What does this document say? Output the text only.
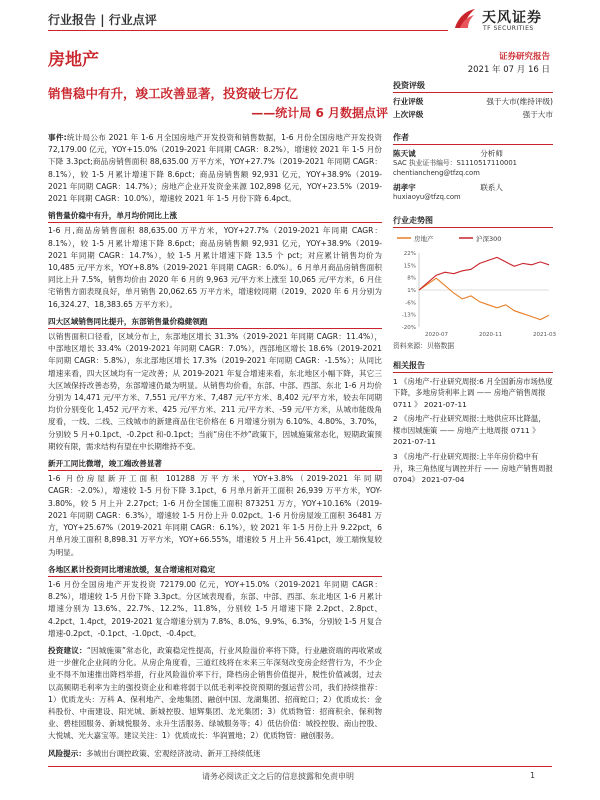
行业报告 | 行业点评	天风证券
TF SECURITIES
房地产	证券研究报告
2021 年 07 月 16 日
销售稳中有升，竣工改善显著，投资破七万亿
——统计局 6 月数据点评
事件:统计局公布 2021 年 1-6 月全国房地产开发投资和销售数据，1-6 月份全国房地产开发投资 72,179.00 亿元，YOY+15.0%（2019-2021 年同期 CAGR：8.2%），增速较 2021 年 1-5 月份下降 3.3pct;商品房销售面积 88,635.00 万平方米，YOY+27.7%（2019-2021 年同期 CAGR：8.1%），较 1-5 月累计增速下降 8.6pct；商品房销售额 92,931 亿元，YOY+38.9%（2019-2021 年同期 CAGR：14.7%）；房地产企业开发资金来源 102,898 亿元，YOY+23.5%（2019-2021 年同期 CAGR：10.0%），增速较 2021 年 1-5 月份下降 6.4pct。
销售量价稳中有升，单月均价同比上涨
1-6 月,商品房销售面积 88,635.00 万平方米，YOY+27.7%（2019-2021 年同期 CAGR：8.1%），较 1-5 月累计增速下降 8.6pct；商品房销售额 92,931 亿元，YOY+38.9%（2019-2021 年同期 CAGR：14.7%），较 1-5 月累计增速下降 13.5 个 pct；对应累计销售均价为 10,485 元/平方米，YOY+8.8%（2019-2021 年同期 CAGR：6.0%）。6 月单月商品房销售面积同比上升 7.5%，销售均价由 2020 年 6 月的 9,963 元/平方米上涨至 10,065 元/平方米，6 月住宅销售方面表现良好，单月销售 20,062.65 万平方米，增速较同期（2019、2020 年 6 月分别为 16,324.27、18,383.65 万平方米）。
四大区域销售同比提升，东部销售量价稳健领跑
以销售面积口径看，区域分布上，东部地区增长 31.3%（2019-2021 年同期 CAGR：11.4%），中部地区增长 33.4%（2019-2021 年同期 CAGR：7.0%），西部地区增长 18.6%（2019-2021 年同期 CAGR：5.8%），东北部地区增长 17.3%（2019-2021 年同期 CAGR：-1.5%）；从同比增速来看，四大区域均有一定改善；从 2019-2021 年复合增速来看，东北地区小幅下降，其它三大区域保持改善态势，东部增速仍最为明显。从销售均价看，东部、中部、西部、东北 1-6 月均价分别为 14,471 元/平方米、7,551 元/平方米、7,487 元/平方米、8,402 元/平方米，较去年同期均价分别变化 1,452 元/平方米、425 元/平方米、211 元/平方米、-59 元/平方米，从城市能级角度看，一线、二线、三线城市的新建商品住宅价格在 6 月增速分别为 6.10%、4.80%、3.70%，分别较 5 月+0.1pct、-0.2pct 和-0.1pct；当前“房住不炒”政策下，因城施策常态化，短期政策预期较有限，需求结构有望在中长期维持不变。
新开工同比微增，竣工端改善显著
1-6 月份房屋新开工面积 101288 万平方米，YOY+3.8%（2019-2021 年同期 CAGR：-2.0%），增速较 1-5 月份下降 3.1pct，6 月单月新开工面积 26,939 万平方米，YOY-3.80%，较 5 月上升 2.27pct；1-6 月份全国施工面积 873251 万方，YOY+10.16%（2019-2021 年同期 CAGR：6.3%），增速较 1-5 月份上升 0.02pct。1-6 月份房屋竣工面积 36481 万方，YOY+25.67%（2019-2021 年同期 CAGR：6.1%），较 2021 年 1-5 月份上升 9.22pct，6 月单月竣工面积 8,898.31 万平方米，YOY+66.55%，增速较 5 月上升 56.41pct，竣工端恢复较为明显。
各地区累计投资同比增速放缓，复合增速相对稳定
1-6 月份全国房地产开发投资 72179.00 亿元，YOY+15.0%（2019-2021 年同期 CAGR：8.2%），增速较 1-5 月份下降 3.3pct。分区域表现看，东部、中部、西部、东北地区 1-6 月累计增速分别为 13.6%、22.7%、12.2%、11.8%，分别较 1-5 月增速下降 2.2pct、2.8pct、4.2pct、1.4pct，2019-2021 复合增速分别为 7.8%、8.0%、9.9%、6.3%，分别较 1-5 月复合增速-0.2pct、-0.1pct、-1.0pct、-0.4pct。
投资建议：“因城施策”常态化，政策稳定性提高，行业风险溢价率将下降，行业融资端的再收紧或进一步催化企业间的分化。从房企角度看，三道红线将在未来三年深刻改变房企经营行为，不少企业不得不加速推出降档举措，行业风险溢价率下行，降档房企销售价值提升，脱性价值减弱，过去以高频期毛利率为主的强投资企业和难将弱于以低毛利率投资预期的强运营公司，我们持续推荐：1）优质龙头：万科 A、保利地产、金地集团、融创中国、龙湖集团、招商蛇口；2）优质成长：金科股份、中南建设、阳光城、新城控股、旭辉集团、龙光集团；3）优质物管：招商积余、保利物业、碧桂园服务、新城悦服务、永升生活服务、绿城服务等；4）低估价值：城投控股、南山控股、大悦城、光大嘉宝等。建议关注：1）优质成长：华润置地；2）优质物管：融创服务。
风险提示：多城出台调控政策、宏观经济波动、新开工持续低迷
投资评级
行业评级	强于大市(维持评级)
上次评级	强于大市
作者
陈天诚	分析师
SAC 执业证书编号：S1110517110001
chentiancheng@tfzq.com
胡孝宇	联系人
huxiaoyu@tfzq.com
行业走势图
房地产	沪深300
22%
15%
8%
1%
-6%
-13%
-20%
2020-07	2020-11	2021-03
资料来源：贝格数据
相关报告
1 《房地产-行业研究周报:6 月全国新房市场热度下降，多地房贷利率上调 —— 房地产销售周报 0711 》 2021-07-11
2 《房地产-行业研究周报:土地供应环比降温，楼市因城施策 —— 房地产土地周报 0711 》 2021-07-11
3 《房地产-行业研究周报:上半年房价稳中有升，珠三角热度与调控并行 —— 房地产销售周报 0704》 2021-07-04
请务必阅读正文之后的信息披露和免责申明	1
